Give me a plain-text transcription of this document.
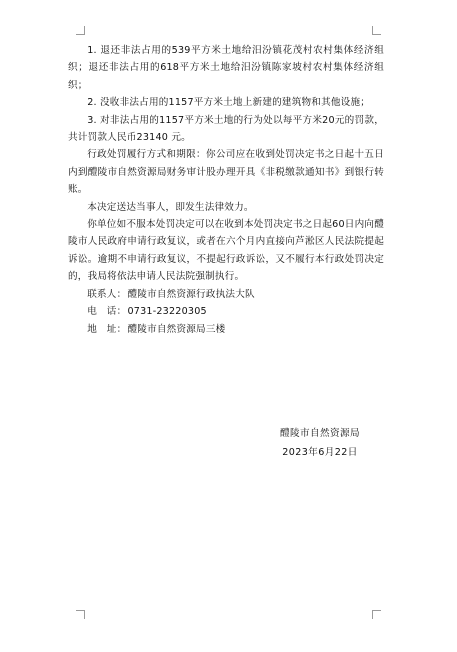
1. 退还非法占用的539平方米土地给汨汾镇花茂村农村集体经济组织；退还非法占用的618平方米土地给汨汾镇陈家坡村农村集体经济组织；

2. 没收非法占用的1157平方米土地上新建的建筑物和其他设施；

3. 对非法占用的1157平方米土地的行为处以每平方米20元的罚款，共计罚款人民币23140 元。

行政处罚履行方式和期限：你公司应在收到处罚决定书之日起十五日内到醴陵市自然资源局财务审计股办理开具《非税缴款通知书》到银行转账。

本决定送达当事人，即发生法律效力。

你单位如不服本处罚决定可以在收到本处罚决定书之日起60日内向醴陵市人民政府申请行政复议，或者在六个月内直接向芦淞区人民法院提起诉讼。逾期不申请行政复议，不提起行政诉讼，又不履行本行政处罚决定的，我局将依法申请人民法院强制执行。

联系人：醴陵市自然资源行政执法大队

电　话：0731-23220305

地　址：醴陵市自然资源局三楼

醴陵市自然资源局
2023年6月22日
